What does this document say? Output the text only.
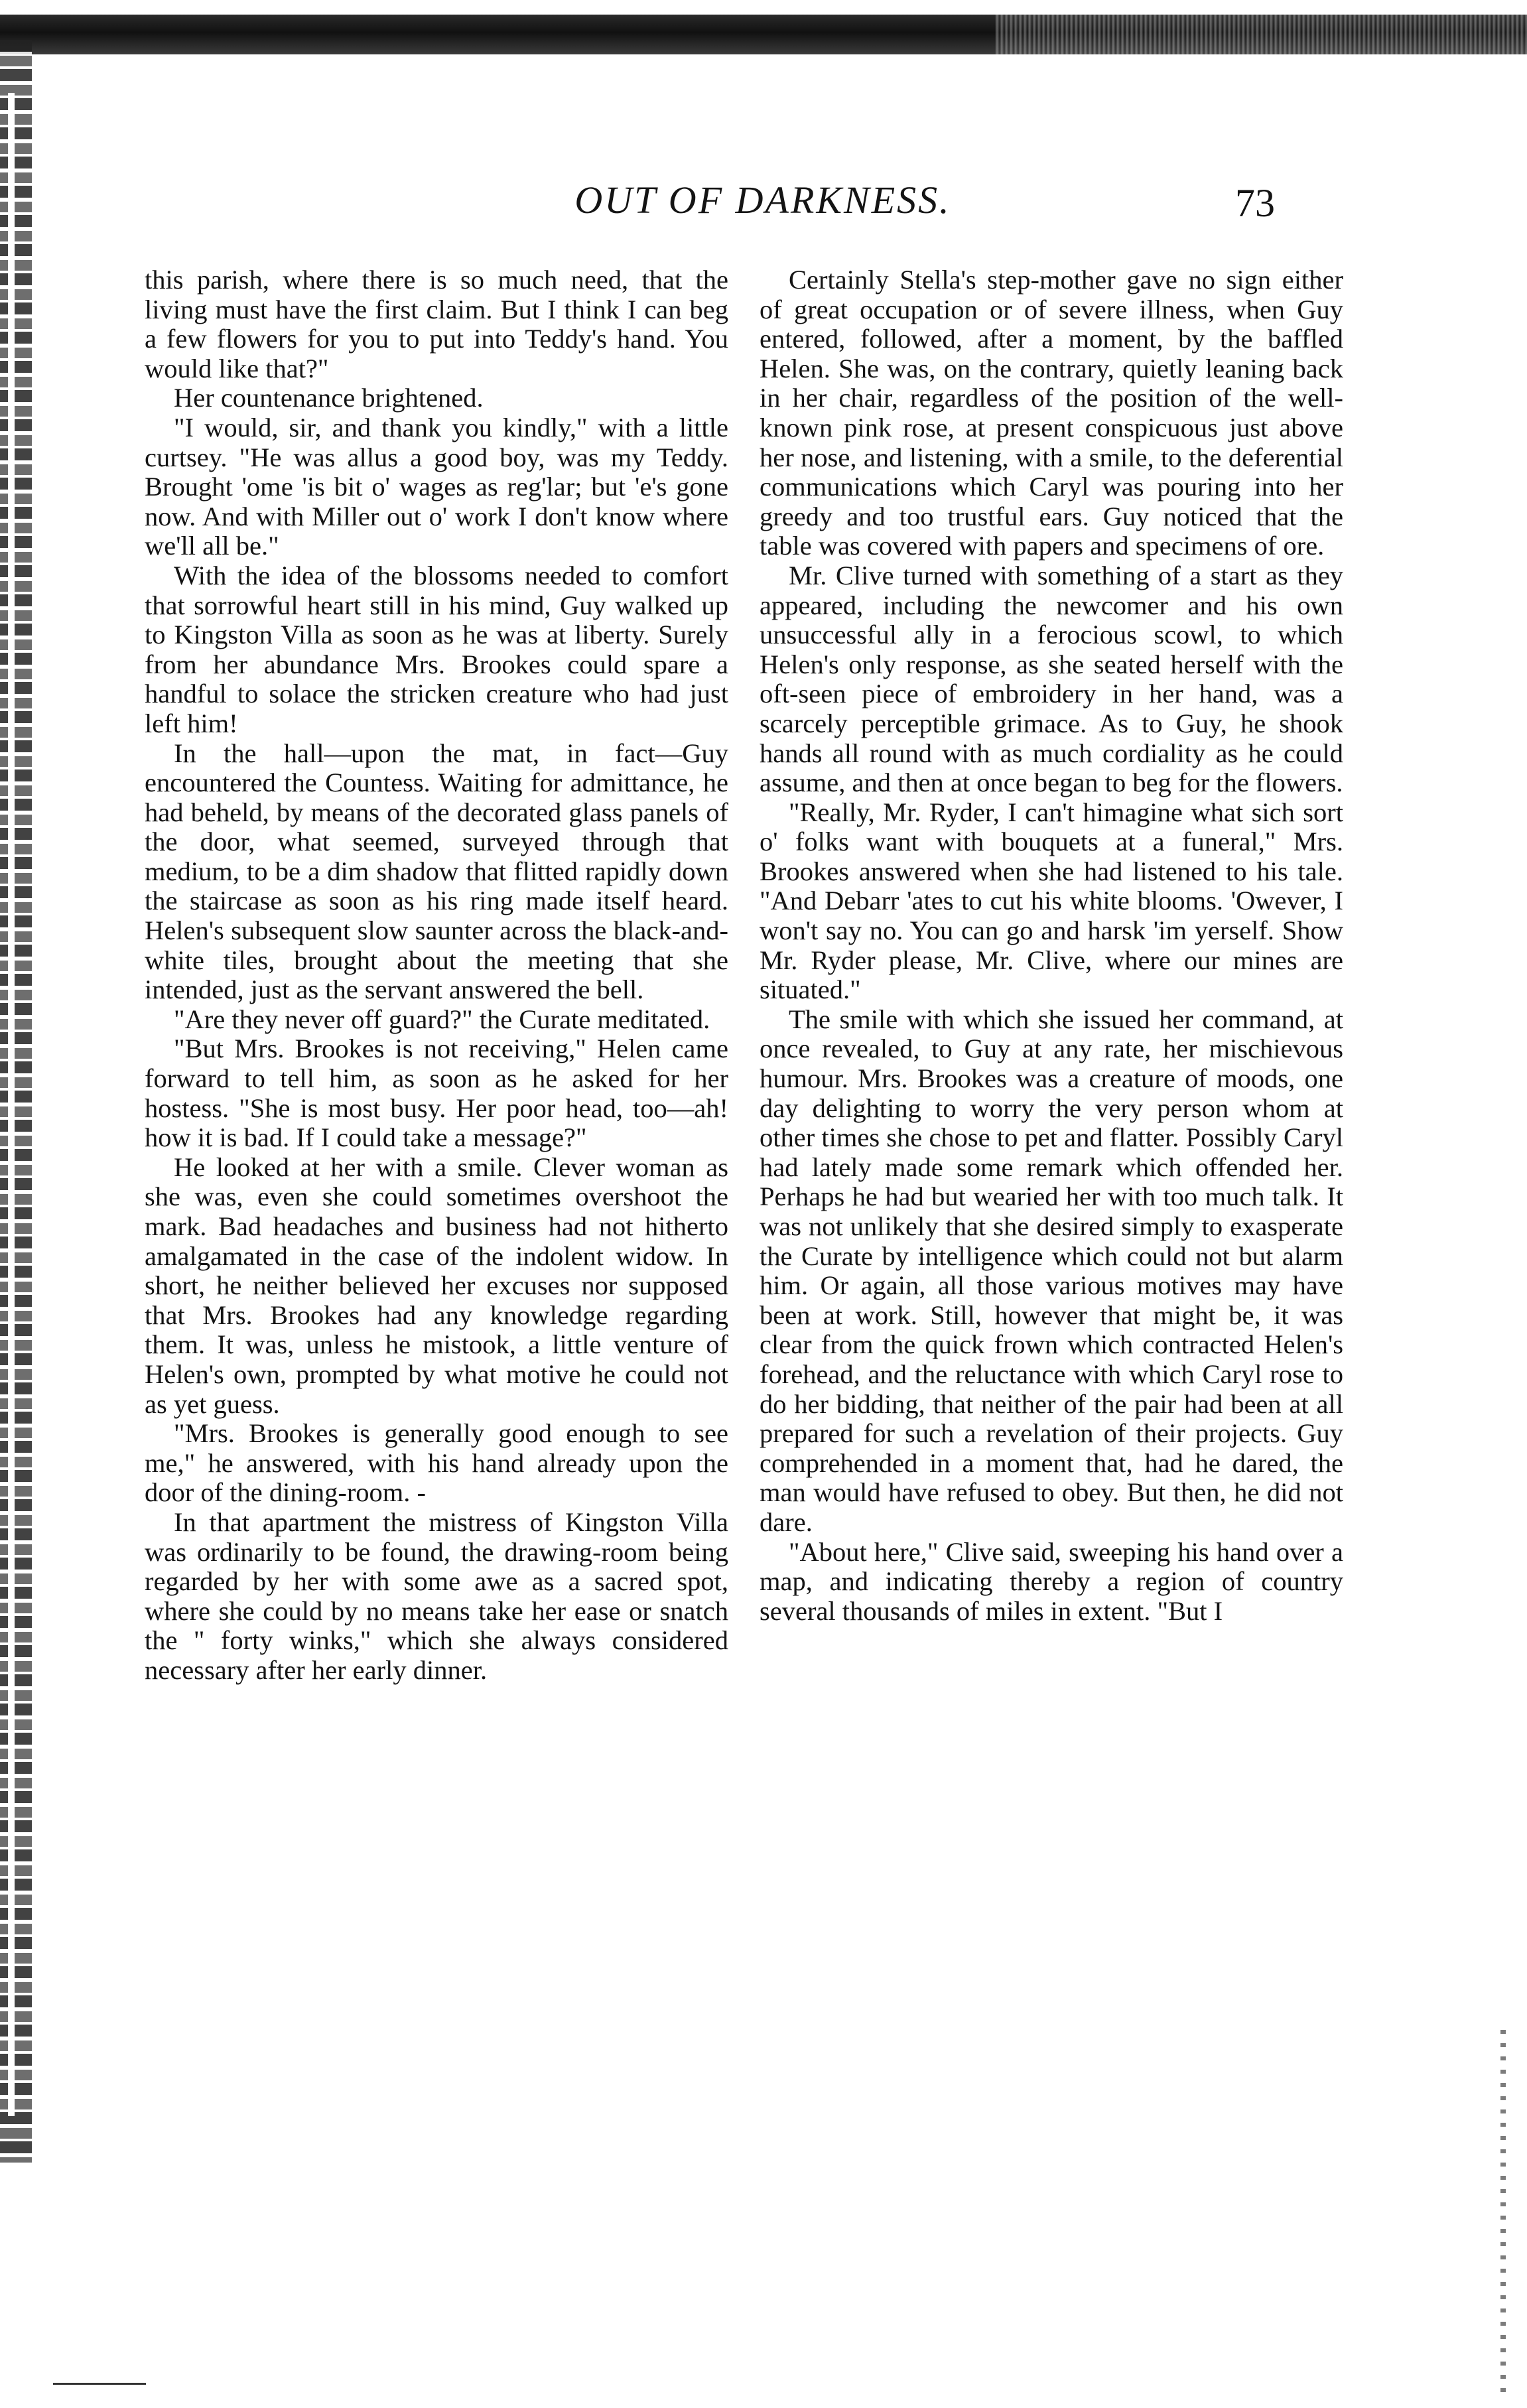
OUT OF DARKNESS.	73

this parish, where there is so much need, that the living must have the first claim. But I think I can beg a few flowers for you to put into Teddy's hand. You would like that?"

Her countenance brightened.

"I would, sir, and thank you kindly," with a little curtsey. "He was allus a good boy, was my Teddy. Brought 'ome 'is bit o' wages as reg'lar; but 'e's gone now. And with Miller out o' work I don't know where we'll all be."

With the idea of the blossoms needed to comfort that sorrowful heart still in his mind, Guy walked up to Kingston Villa as soon as he was at liberty. Surely from her abundance Mrs. Brookes could spare a handful to solace the stricken creature who had just left him!

In the hall—upon the mat, in fact—Guy encountered the Countess. Waiting for admittance, he had beheld, by means of the decorated glass panels of the door, what seemed, surveyed through that medium, to be a dim shadow that flitted rapidly down the staircase as soon as his ring made itself heard. Helen's subsequent slow saunter across the black-and-white tiles, brought about the meeting that she intended, just as the servant answered the bell.

"Are they never off guard?" the Curate meditated.

"But Mrs. Brookes is not receiving," Helen came forward to tell him, as soon as he asked for her hostess. "She is most busy. Her poor head, too—ah! how it is bad. If I could take a message?"

He looked at her with a smile. Clever woman as she was, even she could sometimes overshoot the mark. Bad headaches and business had not hitherto amalgamated in the case of the indolent widow. In short, he neither believed her excuses nor supposed that Mrs. Brookes had any knowledge regarding them. It was, unless he mistook, a little venture of Helen's own, prompted by what motive he could not as yet guess.

"Mrs. Brookes is generally good enough to see me," he answered, with his hand already upon the door of the dining-room. -

In that apartment the mistress of Kingston Villa was ordinarily to be found, the drawing-room being regarded by her with some awe as a sacred spot, where she could by no means take her ease or snatch the " forty winks," which she always considered necessary after her early dinner.

Certainly Stella's step-mother gave no sign either of great occupation or of severe illness, when Guy entered, followed, after a moment, by the baffled Helen. She was, on the contrary, quietly leaning back in her chair, regardless of the position of the well-known pink rose, at present conspicuous just above her nose, and listening, with a smile, to the deferential communications which Caryl was pouring into her greedy and too trustful ears. Guy noticed that the table was covered with papers and specimens of ore.

Mr. Clive turned with something of a start as they appeared, including the newcomer and his own unsuccessful ally in a ferocious scowl, to which Helen's only response, as she seated herself with the oft-seen piece of embroidery in her hand, was a scarcely perceptible grimace. As to Guy, he shook hands all round with as much cordiality as he could assume, and then at once began to beg for the flowers.

"Really, Mr. Ryder, I can't himagine what sich sort o' folks want with bouquets at a funeral," Mrs. Brookes answered when she had listened to his tale. "And Debarr 'ates to cut his white blooms. 'Owever, I won't say no. You can go and harsk 'im yerself. Show Mr. Ryder please, Mr. Clive, where our mines are situated."

The smile with which she issued her command, at once revealed, to Guy at any rate, her mischievous humour. Mrs. Brookes was a creature of moods, one day delighting to worry the very person whom at other times she chose to pet and flatter. Possibly Caryl had lately made some remark which offended her. Perhaps he had but wearied her with too much talk. It was not unlikely that she desired simply to exasperate the Curate by intelligence which could not but alarm him. Or again, all those various motives may have been at work. Still, however that might be, it was clear from the quick frown which contracted Helen's forehead, and the reluctance with which Caryl rose to do her bidding, that neither of the pair had been at all prepared for such a revelation of their projects. Guy comprehended in a moment that, had he dared, the man would have refused to obey. But then, he did not dare.

"About here," Clive said, sweeping his hand over a map, and indicating thereby a region of country several thousands of miles in extent. "But I
